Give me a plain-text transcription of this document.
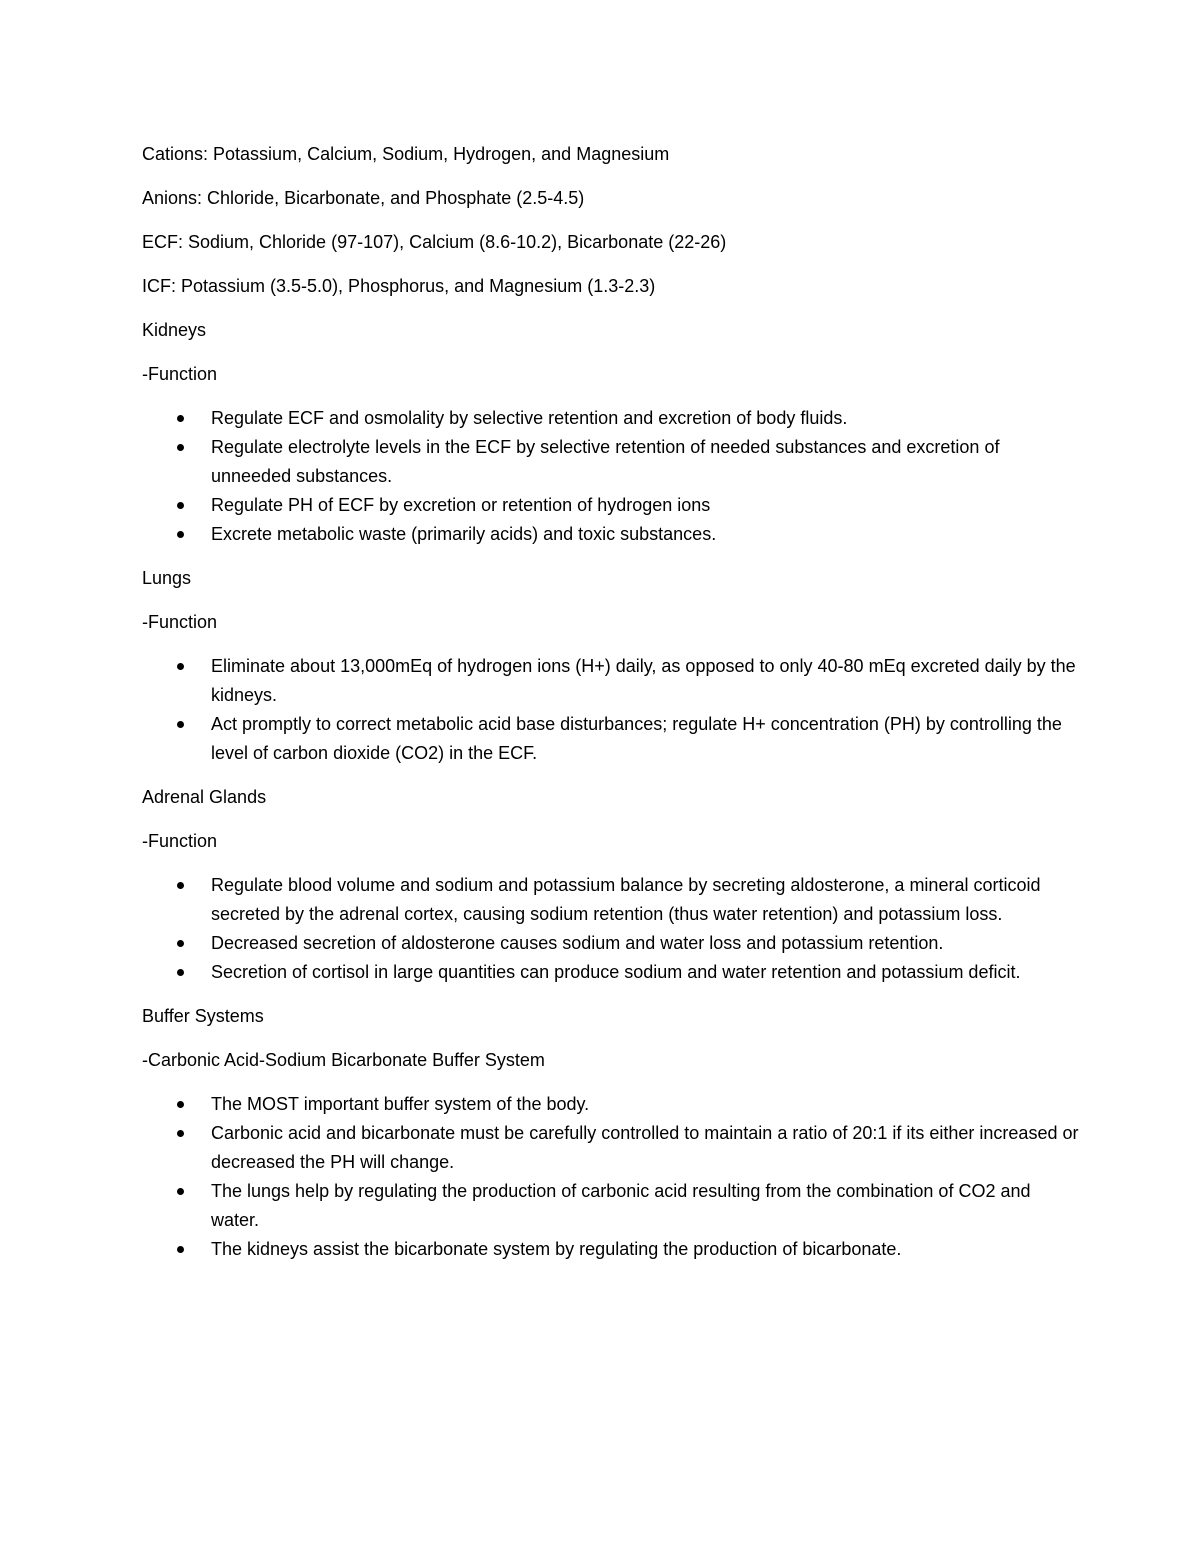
Cations: Potassium, Calcium, Sodium, Hydrogen, and Magnesium

Anions: Chloride, Bicarbonate, and Phosphate (2.5-4.5)

ECF: Sodium, Chloride (97-107), Calcium (8.6-10.2), Bicarbonate (22-26)

ICF: Potassium (3.5-5.0), Phosphorus, and Magnesium (1.3-2.3)

Kidneys

-Function

Regulate ECF and osmolality by selective retention and excretion of body fluids.
Regulate electrolyte levels in the ECF by selective retention of needed substances and excretion of unneeded substances.
Regulate PH of ECF by excretion or retention of hydrogen ions
Excrete metabolic waste (primarily acids) and toxic substances.

Lungs

-Function

Eliminate about 13,000mEq of hydrogen ions (H+) daily, as opposed to only 40-80 mEq excreted daily by the kidneys.
Act promptly to correct metabolic acid base disturbances; regulate H+ concentration (PH) by controlling the level of carbon dioxide (CO2) in the ECF.

Adrenal Glands

-Function

Regulate blood volume and sodium and potassium balance by secreting aldosterone, a mineral corticoid secreted by the adrenal cortex, causing sodium retention (thus water retention) and potassium loss.
Decreased secretion of aldosterone causes sodium and water loss and potassium retention.
Secretion of cortisol in large quantities can produce sodium and water retention and potassium deficit.

Buffer Systems

-Carbonic Acid-Sodium Bicarbonate Buffer System

The MOST important buffer system of the body.
Carbonic acid and bicarbonate must be carefully controlled to maintain a ratio of 20:1 if its either increased or decreased the PH will change.
The lungs help by regulating the production of carbonic acid resulting from the combination of CO2 and water.
The kidneys assist the bicarbonate system by regulating the production of bicarbonate.
